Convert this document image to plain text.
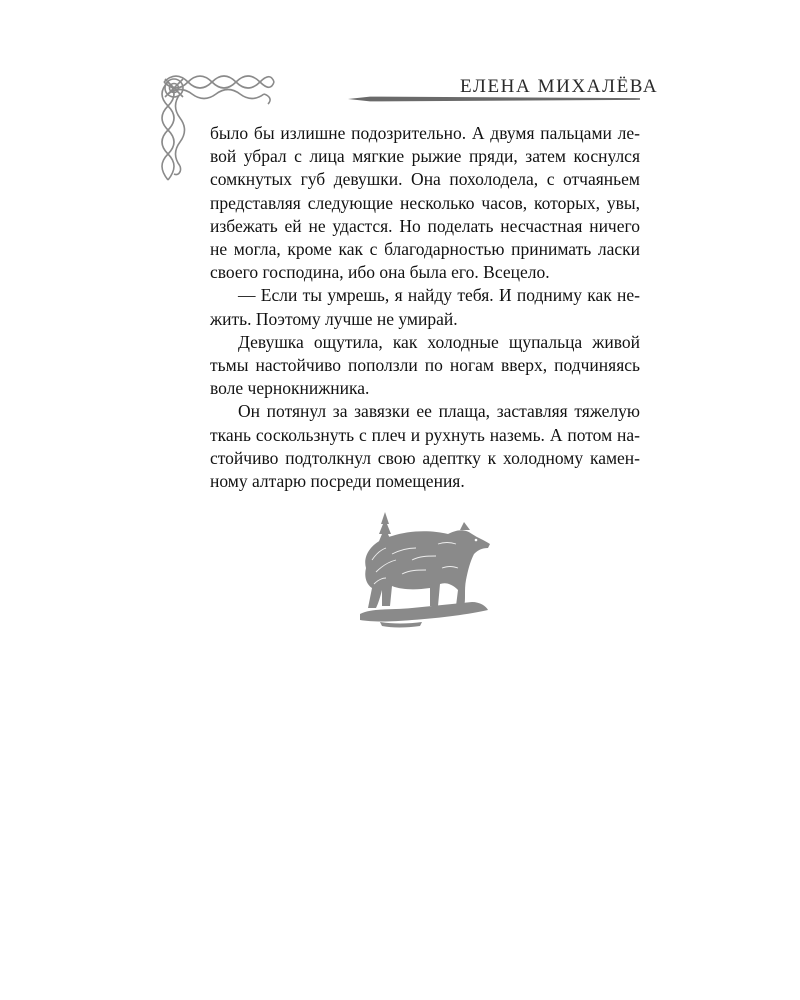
ЕЛЕНА МИХАЛЁВА
было бы излишне подозрительно. А двумя пальцами ле-
вой убрал с лица мягкие рыжие пряди, затем коснулся
сомкнутых губ девушки. Она похолодела, с отчаяньем
представляя следующие несколько часов, которых, увы,
избежать ей не удастся. Но поделать несчастная ничего
не могла, кроме как с благодарностью принимать ласки
своего господина, ибо она была его. Всецело.
— Если ты умрешь, я найду тебя. И подниму как не-
жить. Поэтому лучше не умирай.
Девушка ощутила, как холодные щупальца живой
тьмы настойчиво поползли по ногам вверх, подчиняясь
воле чернокнижника.
Он потянул за завязки ее плаща, заставляя тяжелую
ткань соскользнуть с плеч и рухнуть наземь. А потом на-
стойчиво подтолкнул свою адептку к холодному камен-
ному алтарю посреди помещения.
